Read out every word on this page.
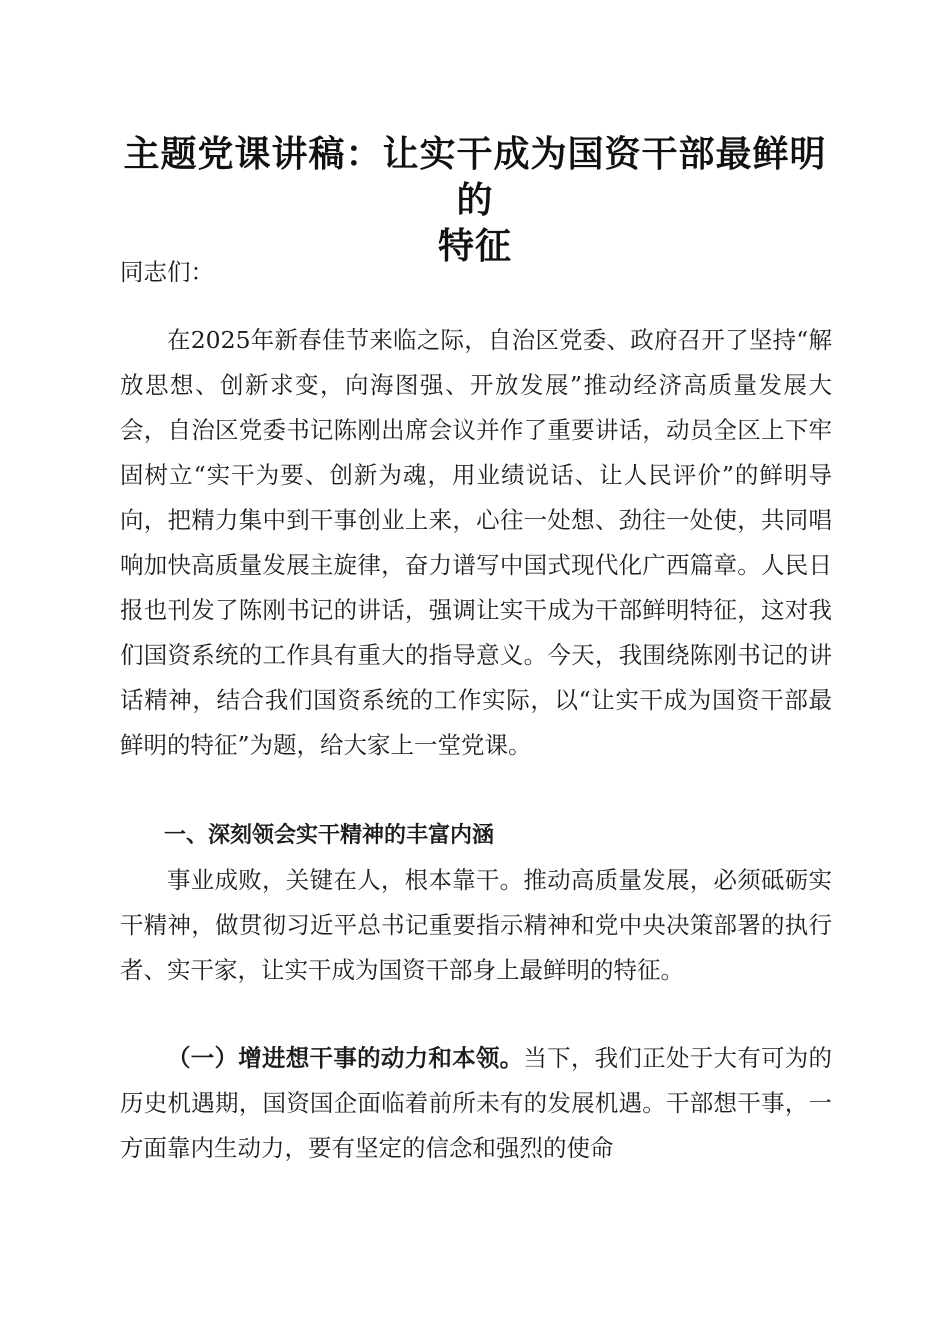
主题党课讲稿：让实干成为国资干部最鲜明的
特征
同志们：

在2025年新春佳节来临之际，自治区党委、政府召开了坚持“解放思想、创新求变，向海图强、开放发展”推动经济高质量发展大会，自治区党委书记陈刚出席会议并作了重要讲话，动员全区上下牢固树立“实干为要、创新为魂，用业绩说话、让人民评价”的鲜明导向，把精力集中到干事创业上来，心往一处想、劲往一处使，共同唱响加快高质量发展主旋律，奋力谱写中国式现代化广西篇章。人民日报也刊发了陈刚书记的讲话，强调让实干成为干部鲜明特征，这对我们国资系统的工作具有重大的指导意义。今天，我围绕陈刚书记的讲话精神，结合我们国资系统的工作实际，以“让实干成为国资干部最鲜明的特征”为题，给大家上一堂党课。

一、深刻领会实干精神的丰富内涵

事业成败，关键在人，根本靠干。推动高质量发展，必须砥砺实干精神，做贯彻习近平总书记重要指示精神和党中央决策部署的执行者、实干家，让实干成为国资干部身上最鲜明的特征。

（一）增进想干事的动力和本领。当下，我们正处于大有可为的历史机遇期，国资国企面临着前所未有的发展机遇。干部想干事，一方面靠内生动力，要有坚定的信念和强烈的使命
